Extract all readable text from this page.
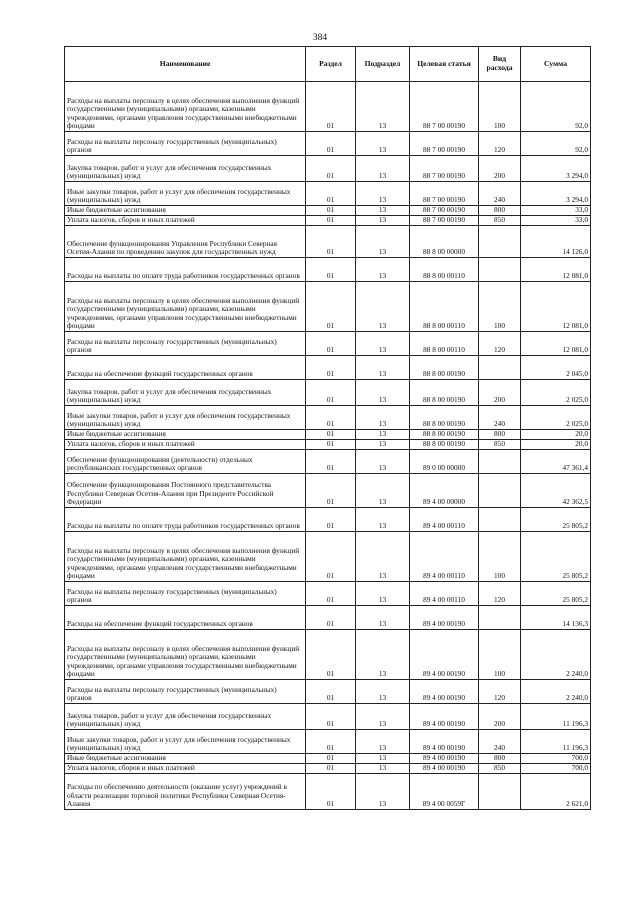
384
Наименование	Раздел	Подраздел	Целевая статья	Вид расхода	Сумма
Расходы на выплаты персоналу в целях обеспечения выполнения функций государственными (муниципальными) органами, казенными учреждениями, органами управления государственными внебюджетными фондами	01	13	88 7 00 00190	100	92,0
Расходы на выплаты персоналу государственных (муниципальных) органов	01	13	88 7 00 00190	120	92,0
Закупка товаров, работ и услуг для обеспечения государственных (муниципальных) нужд	01	13	88 7 00 00190	200	3 294,0
Иные закупки товаров, работ и услуг для обеспечения государственных (муниципальных) нужд	01	13	88 7 00 00190	240	3 294,0
Иные бюджетные ассигнования	01	13	88 7 00 00190	800	33,0
Уплата налогов, сборов и иных платежей	01	13	88 7 00 00190	850	33,0
Обеспечение функционирования Управления Республики Северная Осетия-Алания по проведению закупок для государственных нужд	01	13	88 8 00 00000		14 126,0
Расходы на выплаты по оплате труда работников государственных органов	01	13	88 8 00 00110		12 081,0
Расходы на выплаты персоналу в целях обеспечения выполнения функций государственными (муниципальными) органами, казенными учреждениями, органами управления государственными внебюджетными фондами	01	13	88 8 00 00110	100	12 081,0
Расходы на выплаты персоналу государственных (муниципальных) органов	01	13	88 8 00 00110	120	12 081,0
Расходы на обеспечение функций государственных органов	01	13	88 8 00 00190		2 045,0
Закупка товаров, работ и услуг для обеспечения государственных (муниципальных) нужд	01	13	88 8 00 00190	200	2 025,0
Иные закупки товаров, работ и услуг для обеспечения государственных (муниципальных) нужд	01	13	88 8 00 00190	240	2 025,0
Иные бюджетные ассигнования	01	13	88 8 00 00190	800	20,0
Уплата налогов, сборов и иных платежей	01	13	88 8 00 00190	850	20,0
Обеспечение функционирования (деятельности) отдельных республиканских государственных органов	01	13	89 0 00 00000		47 361,4
Обеспечение функционирования Постоянного представительства Республики Северная Осетия-Алания при Президенте Российской Федерации	01	13	89 4 00 00000		42 362,5
Расходы на выплаты по оплате труда работников государственных органов	01	13	89 4 00 00110		25 805,2
Расходы на выплаты персоналу в целях обеспечения выполнения функций государственными (муниципальными) органами, казенными учреждениями, органами управления государственными внебюджетными фондами	01	13	89 4 00 00110	100	25 805,2
Расходы на выплаты персоналу государственных (муниципальных) органов	01	13	89 4 00 00110	120	25 805,2
Расходы на обеспечение функций государственных органов	01	13	89 4 00 00190		14 136,3
Расходы на выплаты персоналу в целях обеспечения выполнения функций государственными (муниципальными) органами, казенными учреждениями, органами управления государственными внебюджетными фондами	01	13	89 4 00 00190	100	2 240,0
Расходы на выплаты персоналу государственных (муниципальных) органов	01	13	89 4 00 00190	120	2 240,0
Закупка товаров, работ и услуг для обеспечения государственных (муниципальных) нужд	01	13	89 4 00 00190	200	11 196,3
Иные закупки товаров, работ и услуг для обеспечения государственных (муниципальных) нужд	01	13	89 4 00 00190	240	11 196,3
Иные бюджетные ассигнования	01	13	89 4 00 00190	800	700,0
Уплата налогов, сборов и иных платежей	01	13	89 4 00 00190	850	700,0
Расходы по обеспечению деятельности (оказание услуг) учреждений в области реализации торговой политики Республики Северная Осетия-Алания	01	13	89 4 00 0059Г		2 621,0
